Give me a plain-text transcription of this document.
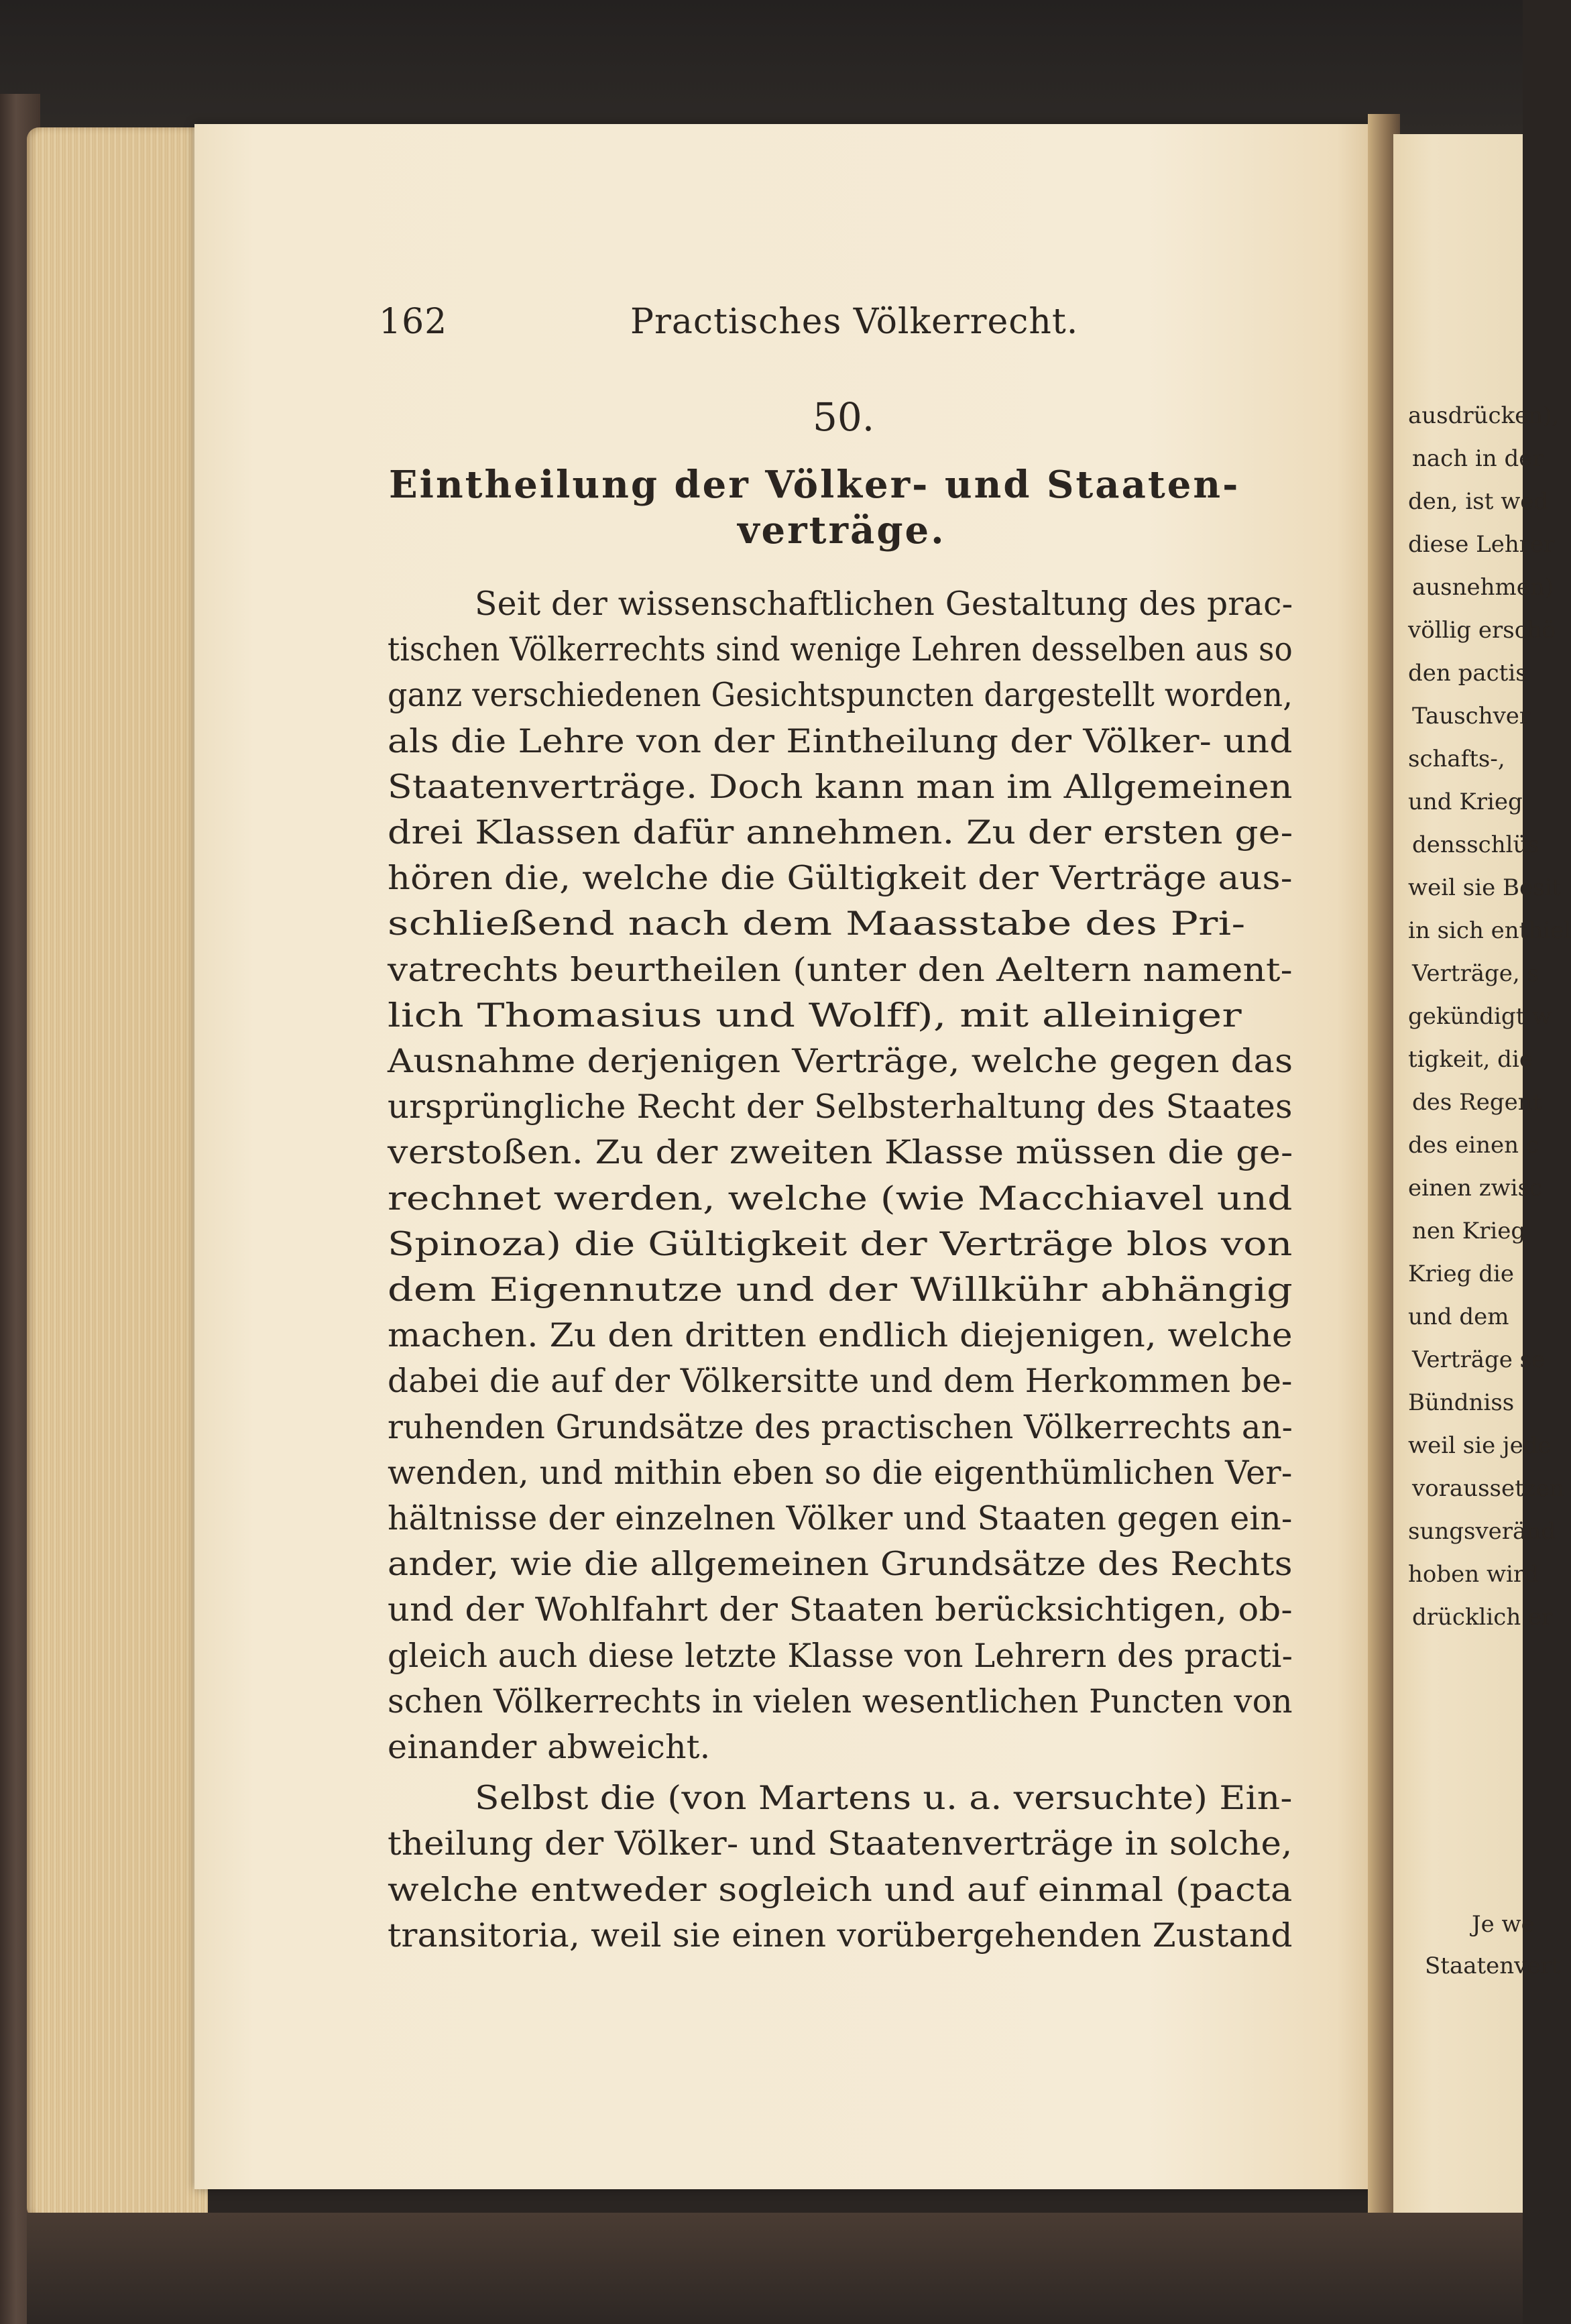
162	Practisches Völkerrecht.
50.
Eintheilung der Völker- und Staaten-
verträge.
Seit der wissenschaftlichen Gestaltung des prac-
tischen Völkerrechts sind wenige Lehren desselben aus so
ganz verschiedenen Gesichtspuncten dargestellt worden,
als die Lehre von der Eintheilung der Völker- und
Staatenverträge. Doch kann man im Allgemeinen
drei Klassen dafür annehmen. Zu der ersten ge-
hören die, welche die Gültigkeit der Verträge aus-
schließend nach dem Maasstabe des Pri-
vatrechts beurtheilen (unter den Aeltern nament-
lich Thomasius und Wolff), mit alleiniger
Ausnahme derjenigen Verträge, welche gegen das
ursprüngliche Recht der Selbsterhaltung des Staates
verstoßen. Zu der zweiten Klasse müssen die ge-
rechnet werden, welche (wie Macchiavel und
Spinoza) die Gültigkeit der Verträge blos von
dem Eigennutze und der Willkühr abhängig
machen. Zu den dritten endlich diejenigen, welche
dabei die auf der Völkersitte und dem Herkommen be-
ruhenden Grundsätze des practischen Völkerrechts an-
wenden, und mithin eben so die eigenthümlichen Ver-
hältnisse der einzelnen Völker und Staaten gegen ein-
ander, wie die allgemeinen Grundsätze des Rechts
und der Wohlfahrt der Staaten berücksichtigen, ob-
gleich auch diese letzte Klasse von Lehrern des practi-
schen Völkerrechts in vielen wesentlichen Puncten von
einander abweicht.
Selbst die (von Martens u. a. versuchte) Ein-
theilung der Völker- und Staatenverträge in solche,
welche entweder sogleich und auf einmal (pacta
transitoria, weil sie einen vorübergehenden Zustand
ausdrücken),
nach in der
den, ist wed
diese Lehrer
ausnehmen)
völlig erschö
den pactis
Tauschver
schafts-,
und Krieg
densschlüs
weil sie Besit
in sich enthiel
Verträge, s
gekündigt w
tigkeit, die
des Regent
des einen c
einen zwisc
nen Krieg
Krieg die
und dem
Verträge se
Bündniss
weil sie jede
voraussetzen
sungsveränd
hoben wird
drücklich er
Je we
Staatenvert
